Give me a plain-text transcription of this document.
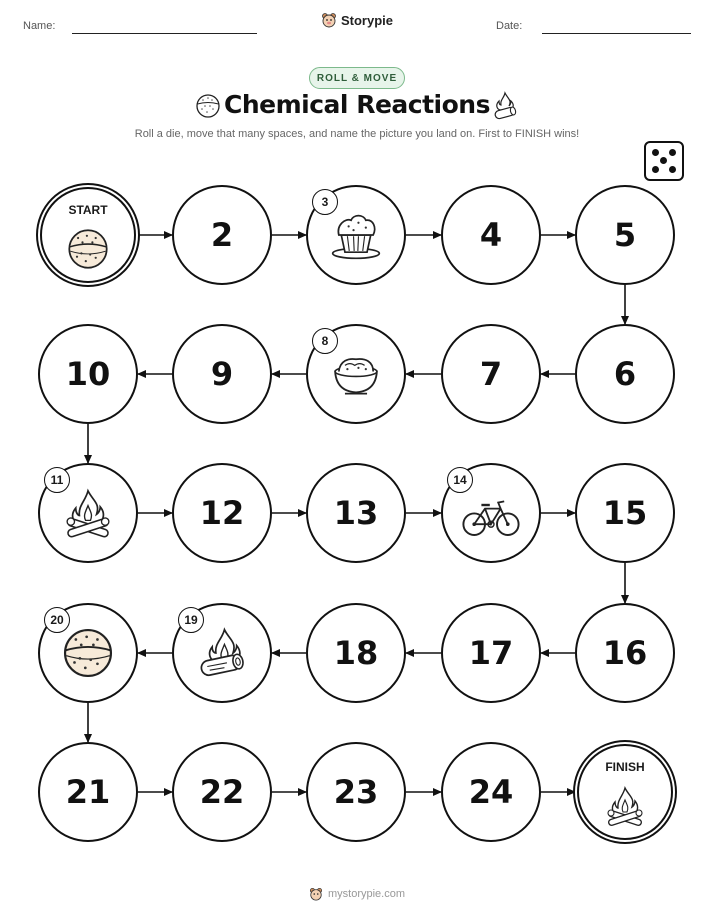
Name:	Storypie	Date:
ROLL & MOVE
Chemical Reactions
Roll a die, move that many spaces, and name the picture you land on. First to FINISH wins!
START
2
3
4	5
6
7
8
9
10
11
12	13
14
15
16
17
18
19
20
21	22	23	24
FINISH
mystorypie.com
